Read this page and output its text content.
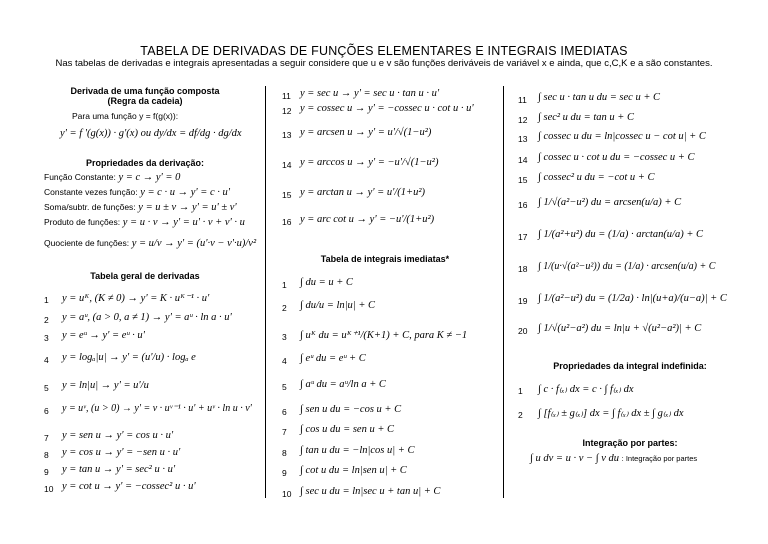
TABELA DE DERIVADAS DE FUNÇÕES ELEMENTARES E INTEGRAIS IMEDIATAS
Nas tabelas de derivadas e integrais apresentadas a seguir considere que u e v são funções deriváveis de variável x e ainda, que c,C,K e a são constantes.
Derivada de uma função composta
(Regra da cadeia)
Para uma função y = f(g(x)):
y' = f '(g(x)) · g'(x) ou dy/dx = df/dg · dg/dx
Propriedades da derivação:
Função Constante: y = c → y' = 0
Constante vezes função: y = c · u → y' = c · u'
Soma/subtr. de funções: y = u ± v → y' = u' ± v'
Produto de funções: y = u · v → y' = u' · v + v' · u
Quociente de funções: y = u/v → y' = (u'·v − v'·u)/v²
Tabela geral de derivadas
1 y = uᴷ, (K ≠ 0) → y' = K · uᴷ⁻¹ · u'
2 y = aᵘ, (a > 0, a ≠ 1) → y' = aᵘ · ln a · u'
3 y = eᵘ → y' = eᵘ · u'
4 y = logₐ|u| → y' = (u'/u) · logₐ e
5 y = ln|u| → y' = u'/u
6 y = uᵛ, (u > 0) → y' = v · uᵛ⁻¹ · u' + uᵛ · ln u · v'
7 y = sen u → y' = cos u · u'
8 y = cos u → y' = −sen u · u'
9 y = tan u → y' = sec² u · u'
10 y = cot u → y' = −cossec² u · u'
11 y = sec u → y' = sec u · tan u · u'
12 y = cossec u → y' = −cossec u · cot u · u'
13 y = arcsen u → y' = u'/√(1−u²)
14 y = arccos u → y' = −u'/√(1−u²)
15 y = arctan u → y' = u'/(1+u²)
16 y = arc cot u → y' = −u'/(1+u²)
Tabela de integrais imediatas*
1 ∫ du = u + C
2 ∫ du/u = ln|u| + C
3 ∫ uᴷ du = uᴷ⁺¹/(K+1) + C, para K ≠ −1
4 ∫ eᵘ du = eᵘ + C
5 ∫ aᵘ du = aᵘ/ln a + C
6 ∫ sen u du = −cos u + C
7 ∫ cos u du = sen u + C
8 ∫ tan u du = −ln|cos u| + C
9 ∫ cot u du = ln|sen u| + C
10 ∫ sec u du = ln|sec u + tan u| + C
11 ∫ sec u · tan u du = sec u + C
12 ∫ sec² u du = tan u + C
13 ∫ cossec u du = ln|cossec u − cot u| + C
14 ∫ cossec u · cot u du = −cossec u + C
15 ∫ cossec² u du = −cot u + C
16 ∫ 1/√(a²−u²) du = arcsen(u/a) + C
17 ∫ 1/(a²+u²) du = (1/a) · arctan(u/a) + C
18 ∫ 1/(u·√(a²−u²)) du = (1/a) · arcsen(u/a) + C
19 ∫ 1/(a²−u²) du = (1/2a) · ln|(u+a)/(u−a)| + C
20 ∫ 1/√(u²−a²) du = ln|u + √(u²−a²)| + C
Propriedades da integral indefinida:
1 ∫ c · f₍ₓ₎ dx = c · ∫ f₍ₓ₎ dx
2 ∫ [f₍ₓ₎ ± g₍ₓ₎] dx = ∫ f₍ₓ₎ dx ± ∫ g₍ₓ₎ dx
Integração por partes:
∫ u dv = u · v − ∫ v du : Integração por partes
